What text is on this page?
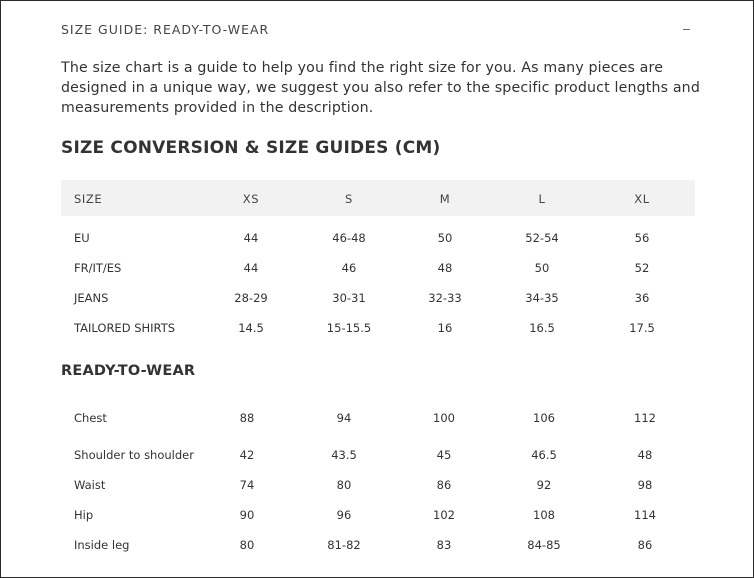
SIZE GUIDE: READY-TO-WEAR
The size chart is a guide to help you find the right size for you. As many pieces are designed in a unique way, we suggest you also refer to the specific product lengths and measurements provided in the description.
SIZE CONVERSION & SIZE GUIDES (CM)
SIZE	XS	S	M	L	XL
EU	44	46-48	50	52-54	56
FR/IT/ES	44	46	48	50	52
JEANS	28-29	30-31	32-33	34-35	36
TAILORED SHIRTS	14.5	15-15.5	16	16.5	17.5
READY-TO-WEAR
Chest	88	94	100	106	112
Shoulder to shoulder	42	43.5	45	46.5	48
Waist	74	80	86	92	98
Hip	90	96	102	108	114
Inside leg	80	81-82	83	84-85	86
